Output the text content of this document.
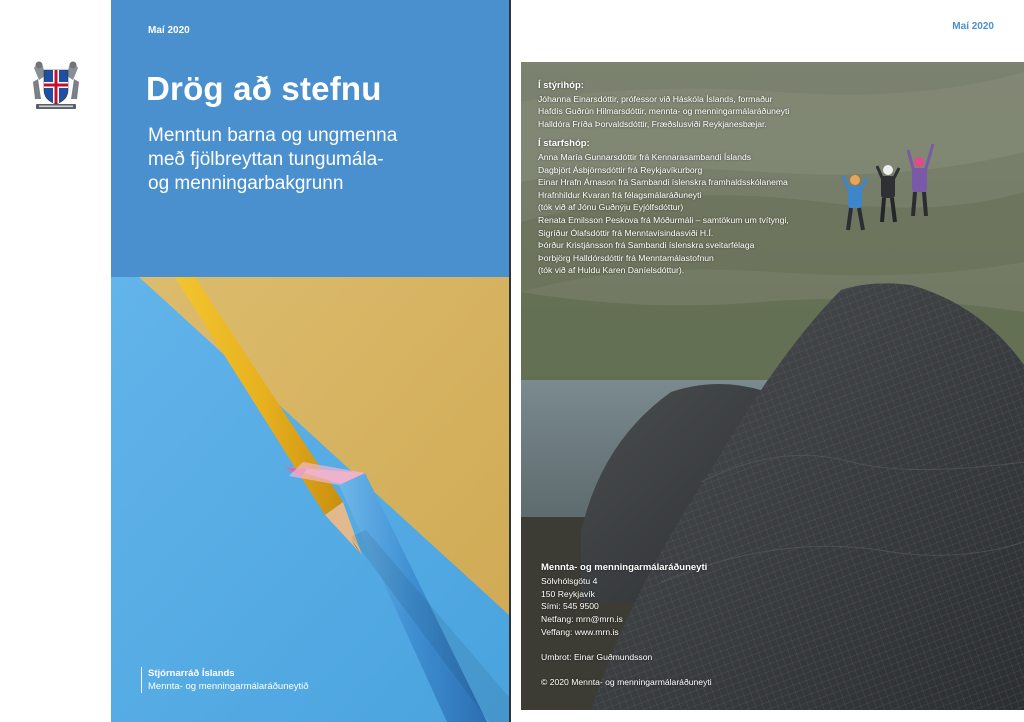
Maí 2020
Drög að stefnu
Menntun barna og ungmenna
með fjölbreyttan tungumála-
og menningarbakgrunn
Stjórnarráð Íslands
Mennta- og menningarmálaráðuneytið
Maí 2020
Í stýrihóp:
Jóhanna Einarsdóttir, prófessor við Háskóla Íslands, formaður
Hafdís Guðrún Hilmarsdóttir, mennta- og menningarmálaráðuneyti
Halldóra Fríða Þorvaldsdóttir, Fræðslusviði Reykjanesbæjar.
Í starfshóp:
Anna María Gunnarsdóttir frá Kennarasambandi Íslands
Dagbjört Ásbjörnsdóttir frá Reykjavíkurborg
Einar Hrafn Árnason frá Sambandi íslenskra framhaldsskólanema
Hrafnhildur Kvaran frá félagsmálaráðuneyti
(tók við af Jónu Guðnýju Eyjólfsdóttur)
Renata Emilsson Peskova frá Móðurmáli – samtökum um tvítyngi,
Sigríður Ólafsdóttir frá Menntavísindasviði H.Í.
Þórður Kristjánsson frá Sambandi íslenskra sveitarfélaga
Þorbjörg Halldórsdóttir frá Menntamálastofnun
(tók við af Huldu Karen Daníelsdóttur).
Mennta- og menningarmálaráðuneyti
Sölvhólsgötu 4
150 Reykjavík
Sími: 545 9500
Netfang: mrn@mrn.is
Veffang: www.mrn.is
Umbrot: Einar Guðmundsson
© 2020 Mennta- og menningarmálaráðuneyti
